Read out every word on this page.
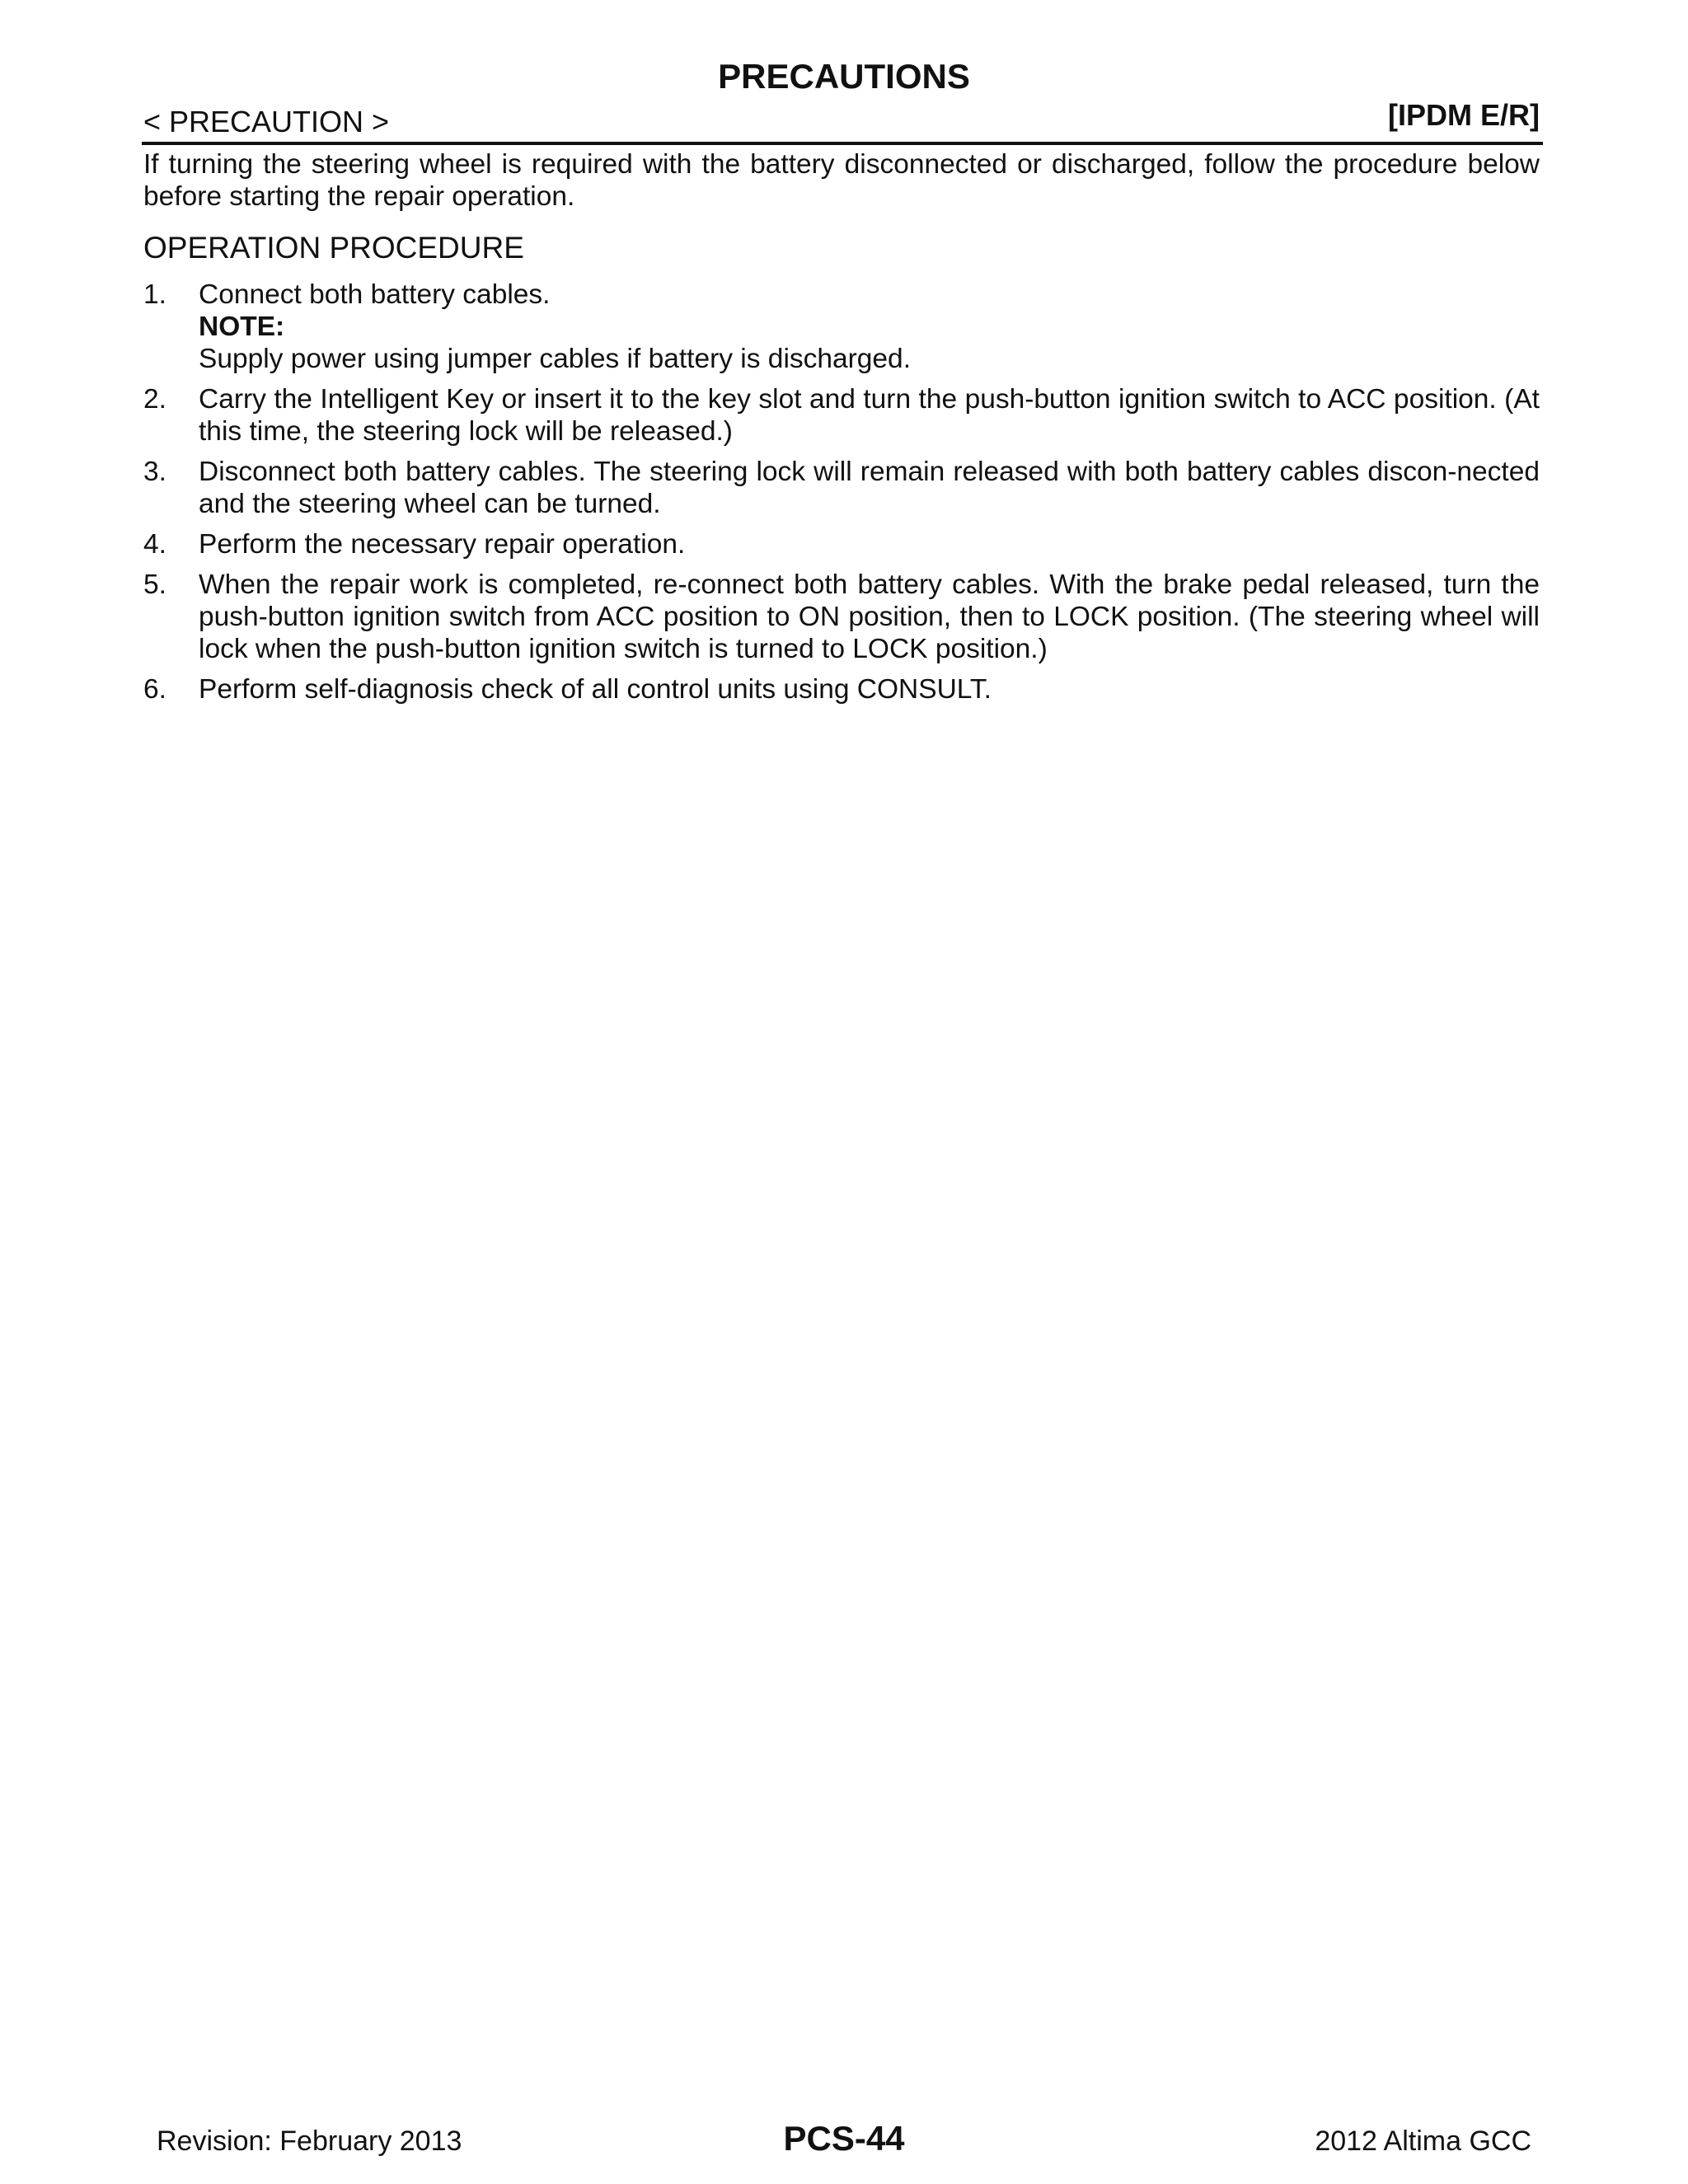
PRECAUTIONS
< PRECAUTION >	[IPDM E/R]

If turning the steering wheel is required with the battery disconnected or discharged, follow the procedure below before starting the repair operation.

OPERATION PROCEDURE
1. Connect both battery cables.
NOTE:
Supply power using jumper cables if battery is discharged.
2. Carry the Intelligent Key or insert it to the key slot and turn the push-button ignition switch to ACC position. (At this time, the steering lock will be released.)
3. Disconnect both battery cables. The steering lock will remain released with both battery cables discon-nected and the steering wheel can be turned.
4. Perform the necessary repair operation.
5. When the repair work is completed, re-connect both battery cables. With the brake pedal released, turn the push-button ignition switch from ACC position to ON position, then to LOCK position. (The steering wheel will lock when the push-button ignition switch is turned to LOCK position.)
6. Perform self-diagnosis check of all control units using CONSULT.
Revision: February 2013	PCS-44	2012 Altima GCC
